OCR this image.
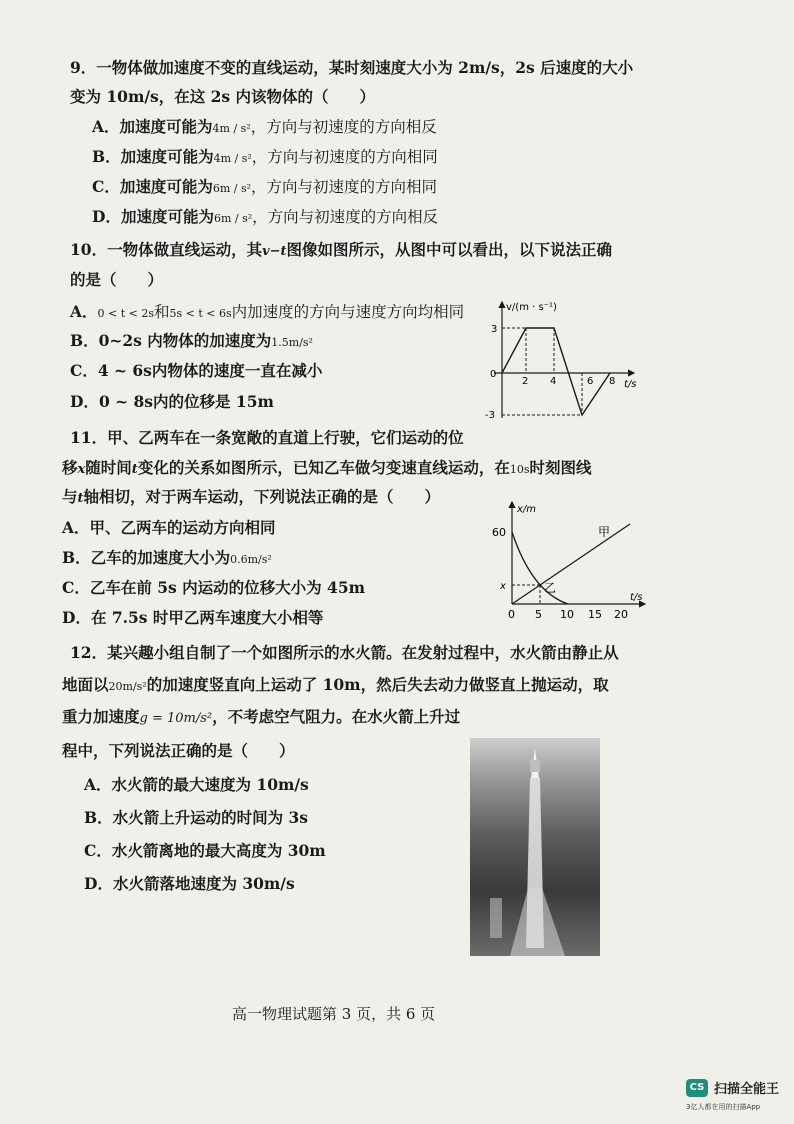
9．一物体做加速度不变的直线运动，某时刻速度大小为 2m/s，2s 后速度的大小
变为 10m/s，在这 2s 内该物体的（　　）
A．加速度可能为4m / s²，方向与初速度的方向相反
B．加速度可能为4m / s²，方向与初速度的方向相同
C．加速度可能为6m / s²，方向与初速度的方向相同
D．加速度可能为6m / s²，方向与初速度的方向相反
10．一物体做直线运动，其v−t图像如图所示，从图中可以看出，以下说法正确
的是（　　）
A．0 < t < 2s和5s < t < 6s内加速度的方向与速度方向均相同
B．0~2s 内物体的加速度为1.5m/s²
C．4 ~ 6s内物体的速度一直在减小
D．0 ~ 8s内的位移是 15m
v/(m · s⁻¹)
t/s
0
3
-3
2 4	6 8
11．甲、乙两车在一条宽敞的直道上行驶，它们运动的位
移x随时间t变化的关系如图所示，已知乙车做匀变速直线运动，在10s时刻图线
与t轴相切，对于两车运动，下列说法正确的是（　　）
A．甲、乙两车的运动方向相同
B．乙车的加速度大小为0.6m/s²
C．乙车在前 5s 内运动的位移大小为 45m
D．在 7.5s 时甲乙两车速度大小相等
x/m
t/s
60
x
甲
乙
0 5 10 15 20
12．某兴趣小组自制了一个如图所示的水火箭。在发射过程中，水火箭由静止从
地面以20m/s²的加速度竖直向上运动了 10m，然后失去动力做竖直上抛运动，取
重力加速度g = 10m/s²，不考虑空气阻力。在水火箭上升过
程中，下列说法正确的是（　　）
A．水火箭的最大速度为 10m/s
B．水火箭上升运动的时间为 3s
C．水火箭离地的最大高度为 30m
D．水火箭落地速度为 30m/s
高一物理试题第 3 页，共 6 页
CS 扫描全能王
3亿人都在用的扫描App
